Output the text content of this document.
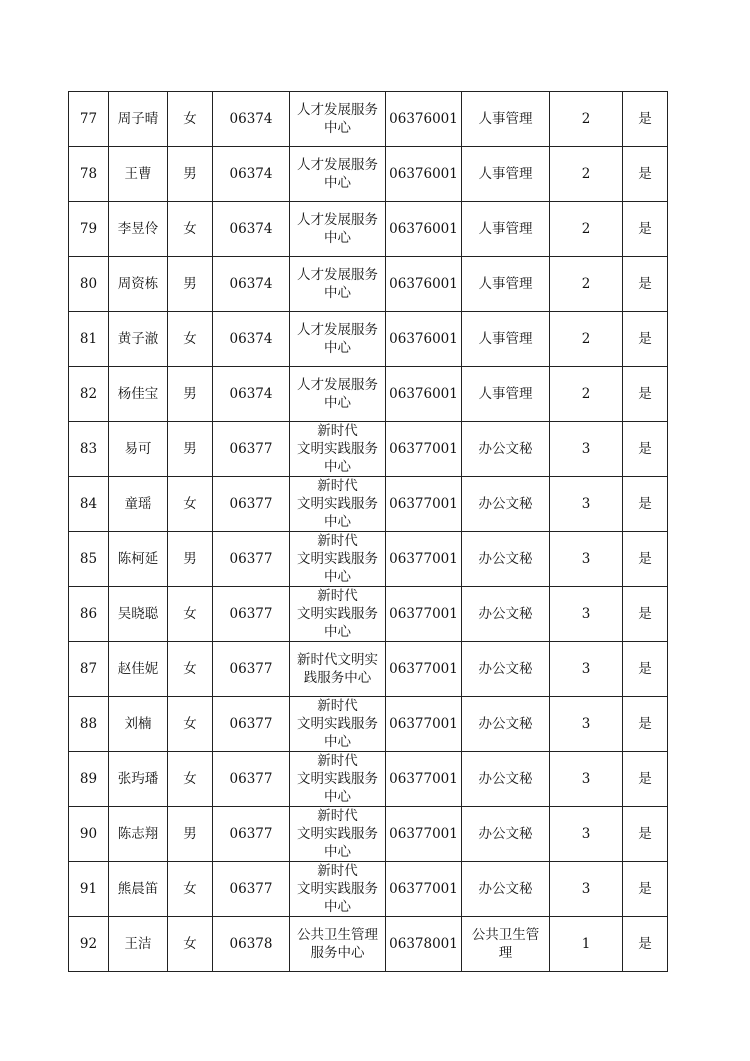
77	周子晴	女	06374	人才发展服务
中心	06376001	人事管理	2	是
78	王曹	男	06374	人才发展服务
中心	06376001	人事管理	2	是
79	李昱伶	女	06374	人才发展服务
中心	06376001	人事管理	2	是
80	周资栋	男	06374	人才发展服务
中心	06376001	人事管理	2	是
81	黄子澈	女	06374	人才发展服务
中心	06376001	人事管理	2	是
82	杨佳宝	男	06374	人才发展服务
中心	06376001	人事管理	2	是
83	易可	男	06377	新时代
文明实践服务
中心	06377001	办公文秘	3	是
84	童瑶	女	06377	新时代
文明实践服务
中心	06377001	办公文秘	3	是
85	陈柯延	男	06377	新时代
文明实践服务
中心	06377001	办公文秘	3	是
86	吴晓聪	女	06377	新时代
文明实践服务
中心	06377001	办公文秘	3	是
87	赵佳妮	女	06377	新时代文明实
践服务中心	06377001	办公文秘	3	是
88	刘楠	女	06377	新时代
文明实践服务
中心	06377001	办公文秘	3	是
89	张玙璠	女	06377	新时代
文明实践服务
中心	06377001	办公文秘	3	是
90	陈志翔	男	06377	新时代
文明实践服务
中心	06377001	办公文秘	3	是
91	熊晨笛	女	06377	新时代
文明实践服务
中心	06377001	办公文秘	3	是
92	王洁	女	06378	公共卫生管理
服务中心	06378001	公共卫生管
理	1	是
